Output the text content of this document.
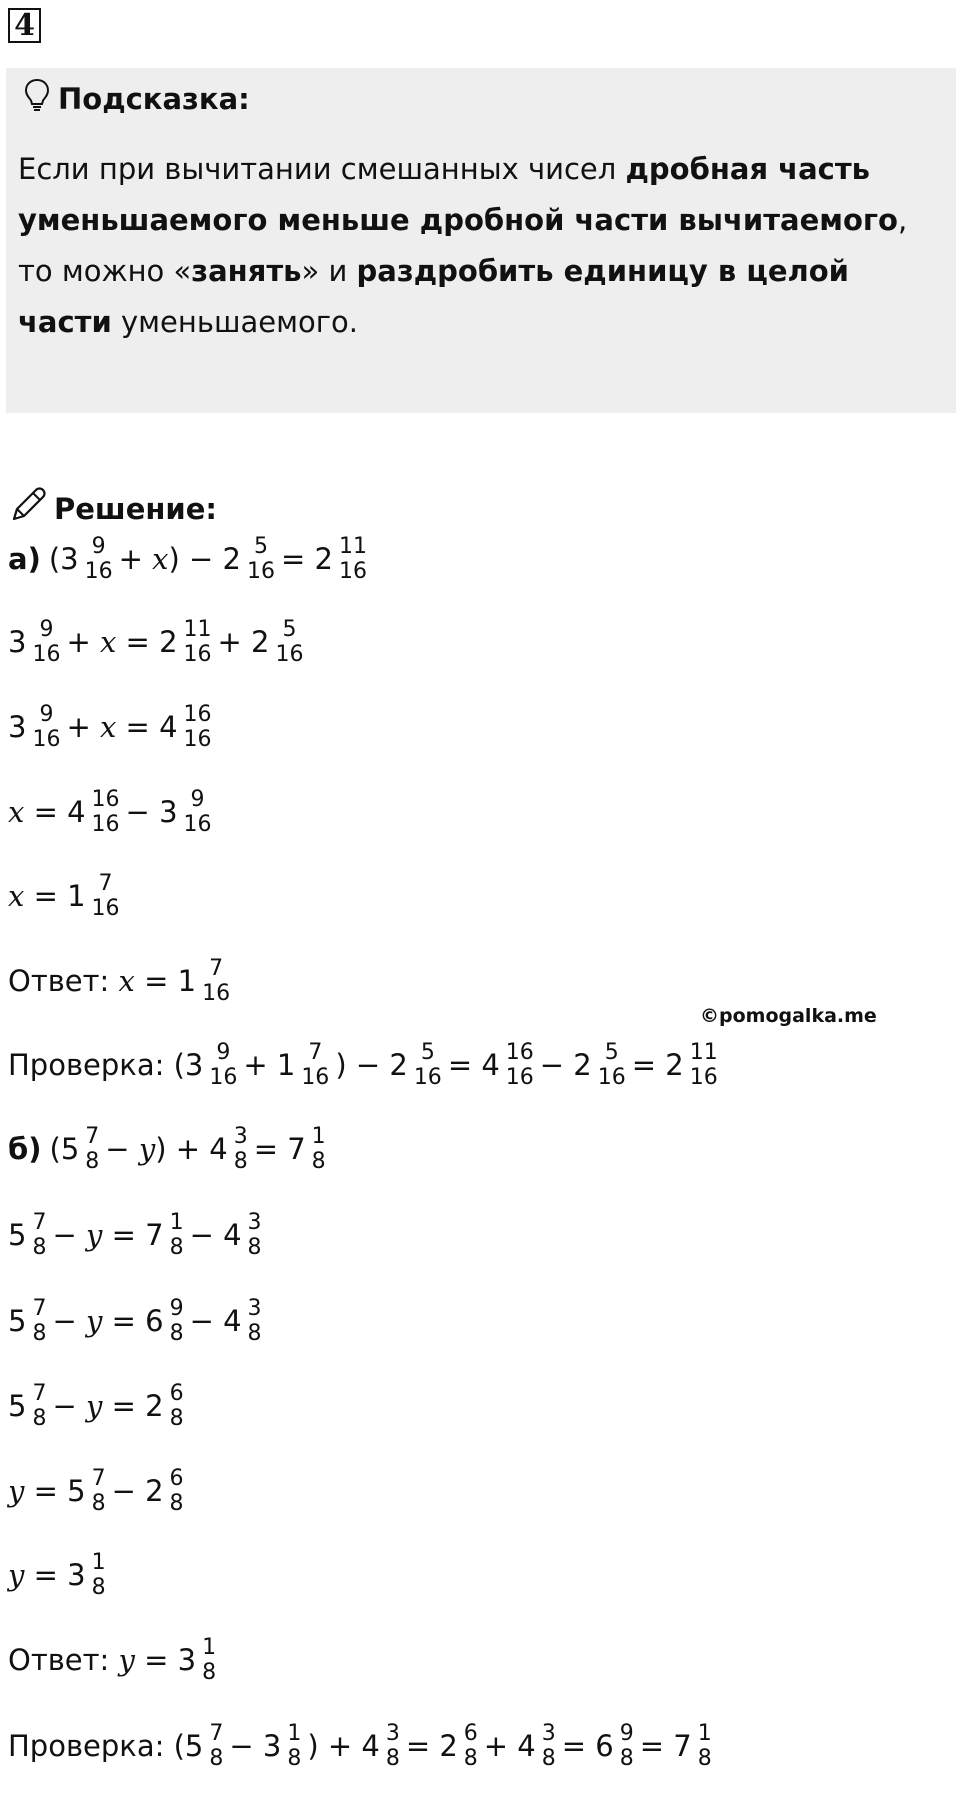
4
Подсказка:
Если при вычитании смешанных чисел дробная часть уменьшаемого меньше дробной части вычитаемого, то можно «занять» и раздробить единицу в целой части уменьшаемого.
Решение:
а) (3 9
16 + x ) − 2 5
16 = 2 11
16
3 9
16 + x = 2 11
16 + 2 5
16
3 9
16 + x = 4 16
16
x = 4 16
16 − 3 9
16
x = 1 7
16
Ответ: x = 1 7
16
Проверка: (3 9
16 + 1 7
16 ) − 2 5
16 = 4 16
16 − 2 5
16 = 2 11
16
б) (5 7
8 − y ) + 4 3
8 = 7 1
8
5 7
8 − y = 7 1
8 − 4 3
8
5 7
8 − y = 6 9
8 − 4 3
8
5 7
8 − y = 2 6
8
y = 5 7
8 − 2 6
8
y = 3 1
8
Ответ: y = 3 1
8
Проверка: (5 7
8 − 3 1
8 ) + 4 3
8 = 2 6
8 + 4 3
8 = 6 9
8 = 7 1
8
©pomogalka.me
